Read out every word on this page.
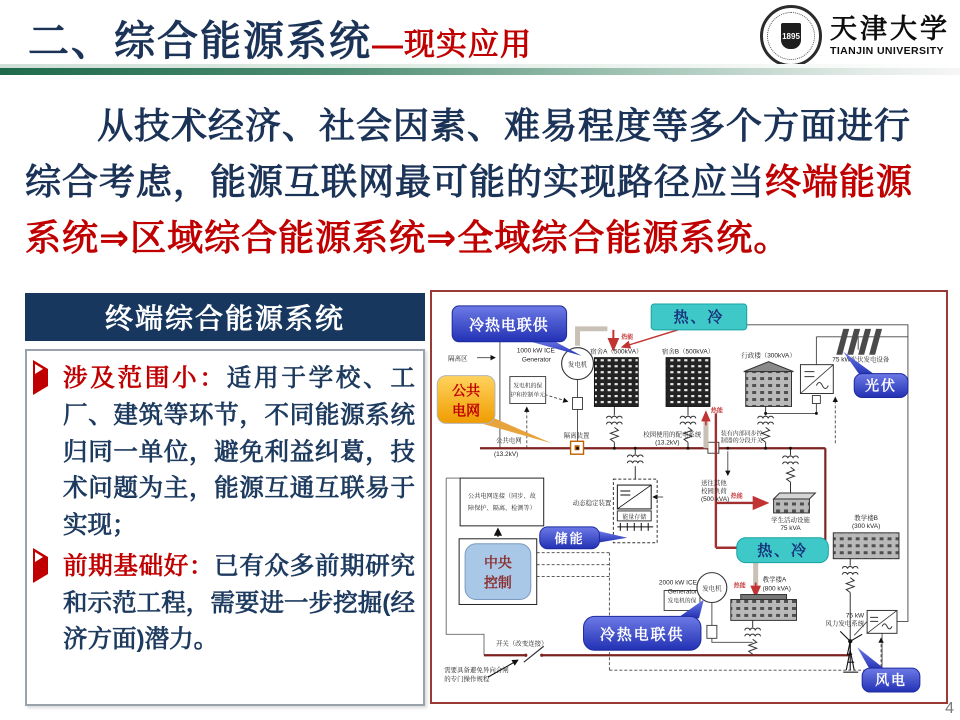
二、综合能源系统—现实应用	1895 天津大学
TIANJIN UNIVERSITY
从技术经济、社会因素、难易程度等多个方面进行
综合考虑，能源互联网最可能的实现路径应当终端能源
系统⇒区域综合能源系统⇒全域综合能源系统。
终端综合能源系统
涉及范围小：适用于学校、工厂、建筑等环节，不同能源系统归同一单位，避免利益纠葛，技术问题为主，能源互通互联易于实现；
前期基础好：已有众多前期研究和示范工程，需要进一步挖掘(经济方面)潜力。
发电机
发电机的保
护和控制单元
发电机的保
发电机
公共电网连接（同步、故
障保护、隔离、检测等）
中央
控制
隔离区
1000 kW ICE
Generator
宿舍A（500kVA）	宿舍B（500kVA）
行政楼（300kVA）
75 kW光伏发电设备
公共电网
(13.2kV)
隔离装置	校园使用的配电系统
(13.2kV)
装有内部同步控
制器的分段开关
动态稳定装置
能量存储
送往其他
校园负荷
(500 kVA)
学生活动设施
75 kVA
教学楼B
(300 kVA)
教学楼A
(800 kVA)
2000 kW ICE
Generator
开关（改变连接）
需要具备避免异向合闸
的专门操作规程
75 kW
风力发电系统
热能
热能
热能
热能
冷热电联供	热、冷
公共
电网
光伏
储能
热、冷
冷热电联供
风电
4
